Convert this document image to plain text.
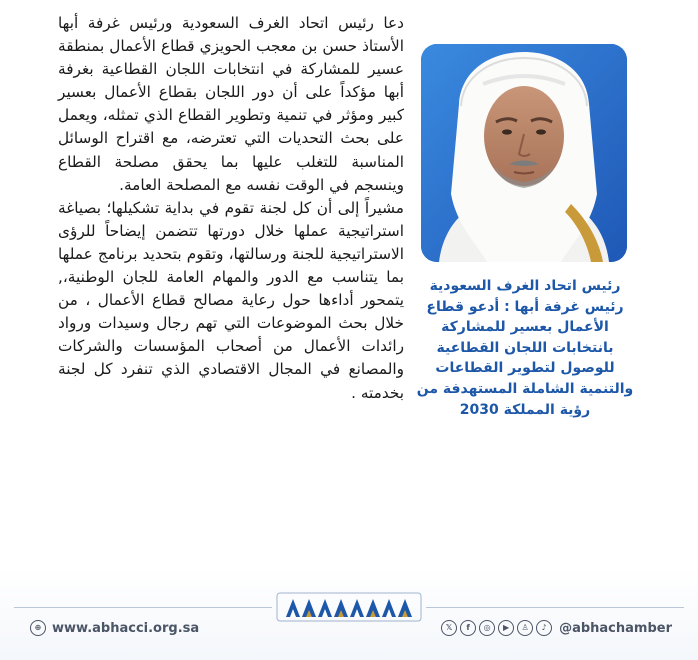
دعا رئيس اتحاد الغرف السعودية ورئيس غرفة أبها الأستاذ حسن بن معجب الحويزي قطاع الأعمال بمنطقة عسير للمشاركة في انتخابات اللجان القطاعية بغرفة أبها مؤكداً على أن دور اللجان بقطاع الأعمال بعسير كبير ومؤثر في تنمية وتطوير القطاع الذي تمثله، ويعمل على بحث التحديات التي تعترضه، مع اقتراح الوسائل المناسبة للتغلب عليها بما يحقق مصلحة القطاع وينسجم في الوقت نفسه مع المصلحة العامة.

مشيراً إلى أن كل لجنة تقوم في بداية تشكيلها؛ بصياغة استراتيجية عملها خلال دورتها تتضمن إيضاحاً للرؤى الاستراتيجية للجنة ورسالتها، وتقوم بتحديد برنامج عملها بما يتناسب مع الدور والمهام العامة للجان الوطنية،, يتمحور أداءها حول رعاية مصالح قطاع الأعمال ، من خلال بحث الموضوعات التي تهم رجال وسيدات ورواد رائدات الأعمال من أصحاب المؤسسات والشركات والمصانع في المجال الاقتصادي الذي تنفرد كل لجنة بخدمته .

رئيس اتحاد الغرف السعودية رئيس غرفة أبها : أدعو قطاع الأعمال بعسير للمشاركة بانتخابات اللجان القطاعية للوصول لتطوير القطاعات والتنمية الشاملة المستهدفة من رؤية المملكة 2030
⊕ www.abhacci.org.sa	𝕏	f	◎	▶	♙	♪ @abhachamber
